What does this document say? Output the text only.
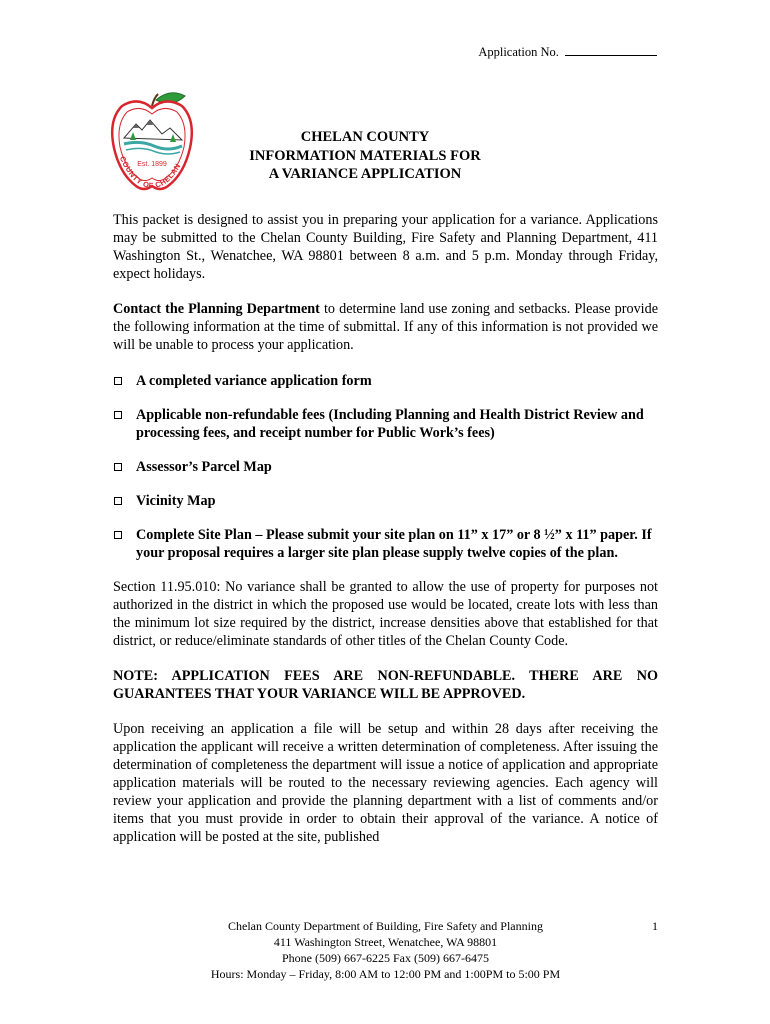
Application No.
Est. 1899
COUNTY OF CHELAN
CHELAN COUNTY
INFORMATION MATERIALS FOR
A VARIANCE APPLICATION

This packet is designed to assist you in preparing your application for a variance. Applications may be submitted to the Chelan County Building, Fire Safety and Planning Department, 411 Washington St., Wenatchee, WA 98801 between 8 a.m. and 5 p.m. Monday through Friday, expect holidays.

Contact the Planning Department to determine land use zoning and setbacks. Please provide the following information at the time of submittal. If any of this information is not provided we will be unable to process your application.

A completed variance application form
Applicable non-refundable fees (Including Planning and Health District Review and processing fees, and receipt number for Public Work’s fees)
Assessor’s Parcel Map
Vicinity Map
Complete Site Plan – Please submit your site plan on 11” x 17” or 8 ½” x 11” paper. If your proposal requires a larger site plan please supply twelve copies of the plan.

Section 11.95.010: No variance shall be granted to allow the use of property for purposes not authorized in the district in which the proposed use would be located, create lots with less than the minimum lot size required by the district, increase densities above that established for that district, or reduce/eliminate standards of other titles of the Chelan County Code.

NOTE: APPLICATION FEES ARE NON-REFUNDABLE. THERE ARE NO GUARANTEES THAT YOUR VARIANCE WILL BE APPROVED.

Upon receiving an application a file will be setup and within 28 days after receiving the application the applicant will receive a written determination of completeness. After issuing the determination of completeness the department will issue a notice of application and appropriate application materials will be routed to the necessary reviewing agencies. Each agency will review your application and provide the planning department with a list of comments and/or items that you must provide in order to obtain their approval of the variance. A notice of application will be posted at the site, published

Chelan County Department of Building, Fire Safety and Planning
411 Washington Street, Wenatchee, WA 98801
Phone (509) 667-6225 Fax (509) 667-6475
Hours: Monday – Friday, 8:00 AM to 12:00 PM and 1:00PM to 5:00 PM
1
